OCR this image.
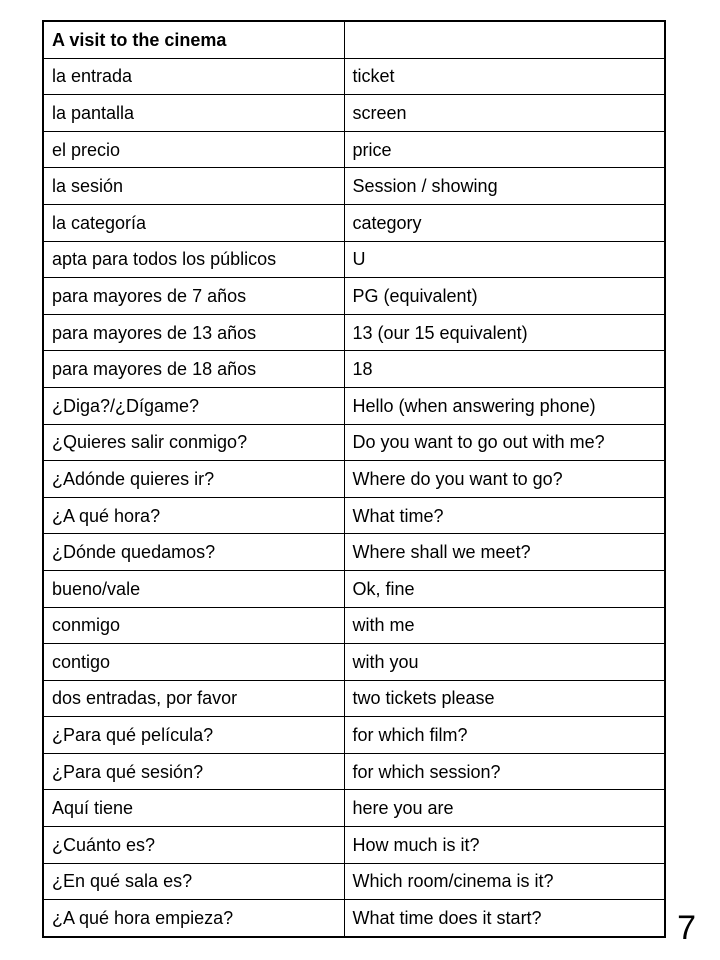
A visit to the cinema	
la entrada	ticket
la pantalla	screen
el precio	price
la sesión	Session / showing
la categoría	category
apta para todos los públicos	U
para mayores de 7 años	PG (equivalent)
para mayores de 13 años	13 (our 15 equivalent)
para mayores de 18 años	18
¿Diga?/¿Dígame?	Hello (when answering phone)
¿Quieres salir conmigo?	Do you want to go out with me?
¿Adónde quieres ir?	Where do you want to go?
¿A qué hora?	What time?
¿Dónde quedamos?	Where shall we meet?
bueno/vale	Ok, fine
conmigo	with me
contigo	with you
dos entradas, por favor	two tickets please
¿Para qué película?	for which film?
¿Para qué sesión?	for which session?
Aquí tiene	here you are
¿Cuánto es?	How much is it?
¿En qué sala es?	Which room/cinema is it?
¿A qué hora empieza?	What time does it start?	7
